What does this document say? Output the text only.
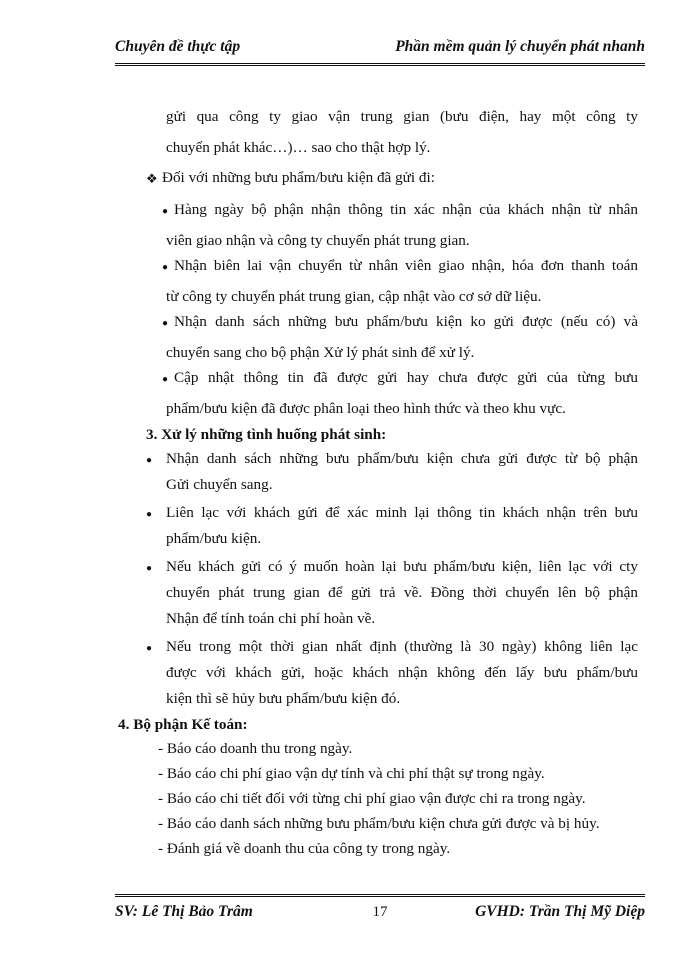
Chuyên đề thực tập	Phần mềm quản lý chuyển phát nhanh
gửi qua công ty giao vận trung gian (bưu điện, hay một công ty
chuyển phát khác…)… sao cho thật hợp lý.
❖ Đối với những bưu phẩm/bưu kiện đã gửi đi:
● Hàng ngày bộ phận nhận thông tin xác nhận của khách nhận từ nhân
viên giao nhận và công ty chuyển phát trung gian.
● Nhận biên lai vận chuyển từ nhân viên giao nhận, hóa đơn thanh toán
từ công ty chuyển phát trung gian, cập nhật vào cơ sở dữ liệu.
● Nhận danh sách những bưu phẩm/bưu kiện ko gửi được (nếu có) và
chuyển sang cho bộ phận Xử lý phát sinh để xử lý.
● Cập nhật thông tin đã được gửi hay chưa được gửi của từng bưu
phẩm/bưu kiện đã được phân loại theo hình thức và theo khu vực.
3. Xử lý những tình huống phát sinh:
● Nhận danh sách những bưu phẩm/bưu kiện chưa gửi được từ bộ phận
Gửi chuyển sang.
● Liên lạc với khách gửi để xác minh lại thông tin khách nhận trên bưu
phẩm/bưu kiện.
● Nếu khách gửi có ý muốn hoàn lại bưu phẩm/bưu kiện, liên lạc với cty
chuyển phát trung gian để gửi trả về. Đồng thời chuyển lên bộ phận
Nhận để tính toán chi phí hoàn về.
● Nếu trong một thời gian nhất định (thường là 30 ngày) không liên lạc
được với khách gửi, hoặc khách nhận không đến lấy bưu phẩm/bưu
kiện thì sẽ hủy bưu phẩm/bưu kiện đó.
4. Bộ phận Kế toán:
- Báo cáo doanh thu trong ngày.
- Báo cáo chi phí giao vận dự tính và chi phí thật sự trong ngày.
- Báo cáo chi tiết đối với từng chi phí giao vận được chi ra trong ngày.
- Báo cáo danh sách những bưu phẩm/bưu kiện chưa gửi được và bị hủy.
- Đánh giá về doanh thu của công ty trong ngày.
SV: Lê Thị Bảo Trâm	17	GVHD: Trần Thị Mỹ Diệp
